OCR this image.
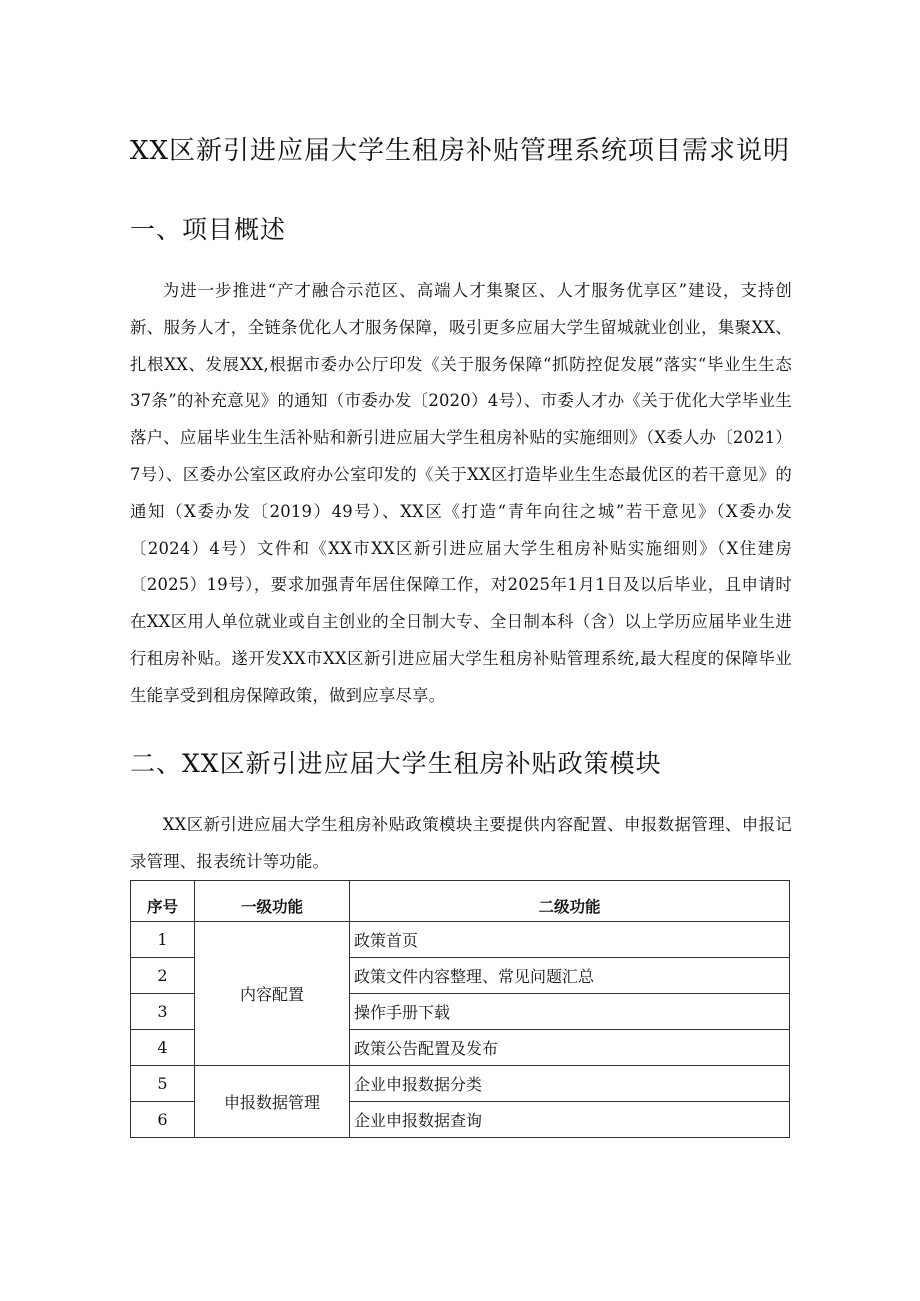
XX区新引进应届大学生租房补贴管理系统项目需求说明
一、项目概述

为进一步推进“产才融合示范区、高端人才集聚区、人才服务优享区”建设，支持创新、服务人才，全链条优化人才服务保障，吸引更多应届大学生留城就业创业，集聚XX、扎根XX、发展XX,根据市委办公厅印发《关于服务保障“抓防控促发展”落实“毕业生生态37条”的补充意见》的通知（市委办发〔2020）4号）、市委人才办《关于优化大学毕业生落户、应届毕业生生活补贴和新引进应届大学生租房补贴的实施细则》（X委人办〔2021）7号）、区委办公室区政府办公室印发的《关于XX区打造毕业生生态最优区的若干意见》的通知（X委办发〔2019）49号）、XX区《打造“青年向往之城”若干意见》（X委办发〔2024）4号）文件和《XX市XX区新引进应届大学生租房补贴实施细则》（X住建房〔2025）19号），要求加强青年居住保障工作，对2025年1月1日及以后毕业，且申请时在XX区用人单位就业或自主创业的全日制大专、全日制本科（含）以上学历应届毕业生进行租房补贴。遂开发XX市XX区新引进应届大学生租房补贴管理系统,最大程度的保障毕业生能享受到租房保障政策，做到应享尽享。

二、XX区新引进应届大学生租房补贴政策模块

XX区新引进应届大学生租房补贴政策模块主要提供内容配置、申报数据管理、申报记录管理、报表统计等功能。

序号	一级功能	二级功能
1	内容配置	政策首页
2		政策文件内容整理、常见问题汇总
3		操作手册下载
4		政策公告配置及发布
5	申报数据管理	企业申报数据分类
6		企业申报数据查询
